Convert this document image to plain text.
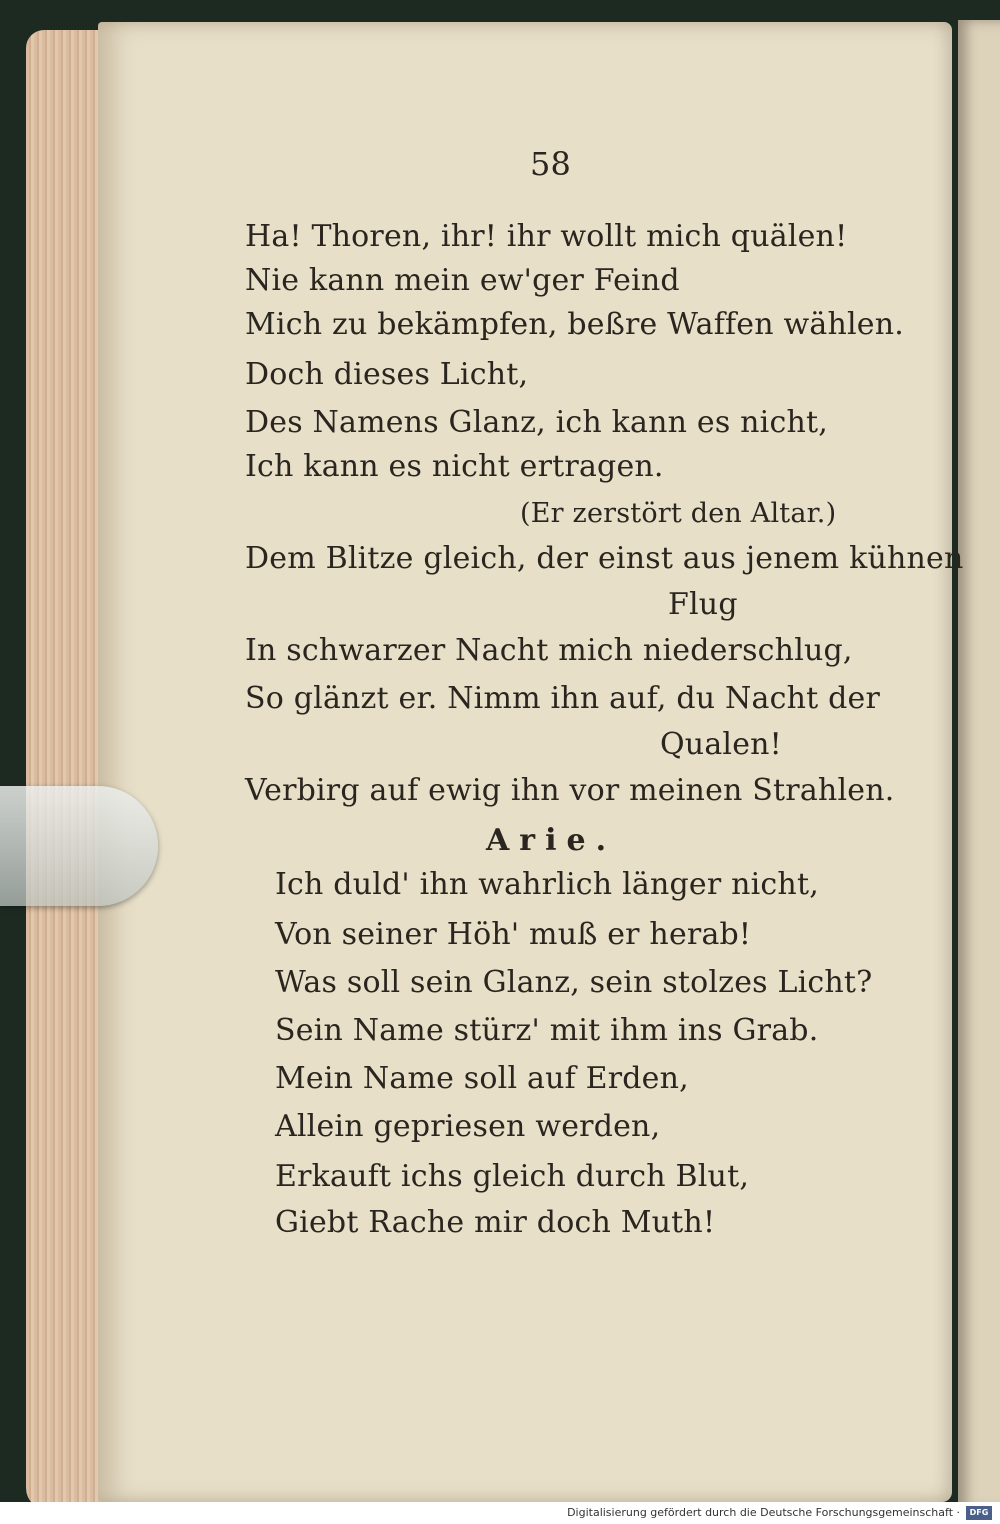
58

Ha! Thoren, ihr! ihr wollt mich quälen!

Nie kann mein ew'ger Feind

Mich zu bekämpfen, beßre Waffen wählen.

Doch dieses Licht,

Des Namens Glanz, ich kann es nicht,

Ich kann es nicht ertragen.

(Er zerstört den Altar.)

Dem Blitze gleich, der einst aus jenem kühnen

Flug

In schwarzer Nacht mich niederschlug,

So glänzt er. Nimm ihn auf, du Nacht der

Qualen!

Verbirg auf ewig ihn vor meinen Strahlen.

Arie.

Ich duld' ihn wahrlich länger nicht,

Von seiner Höh' muß er herab!

Was soll sein Glanz, sein stolzes Licht?

Sein Name stürz' mit ihm ins Grab.

Mein Name soll auf Erden,

Allein gepriesen werden,

Erkauft ichs gleich durch Blut,

Giebt Rache mir doch Muth!

Digitalisierung gefördert durch die Deutsche Forschungsgemeinschaft ·	DFG
